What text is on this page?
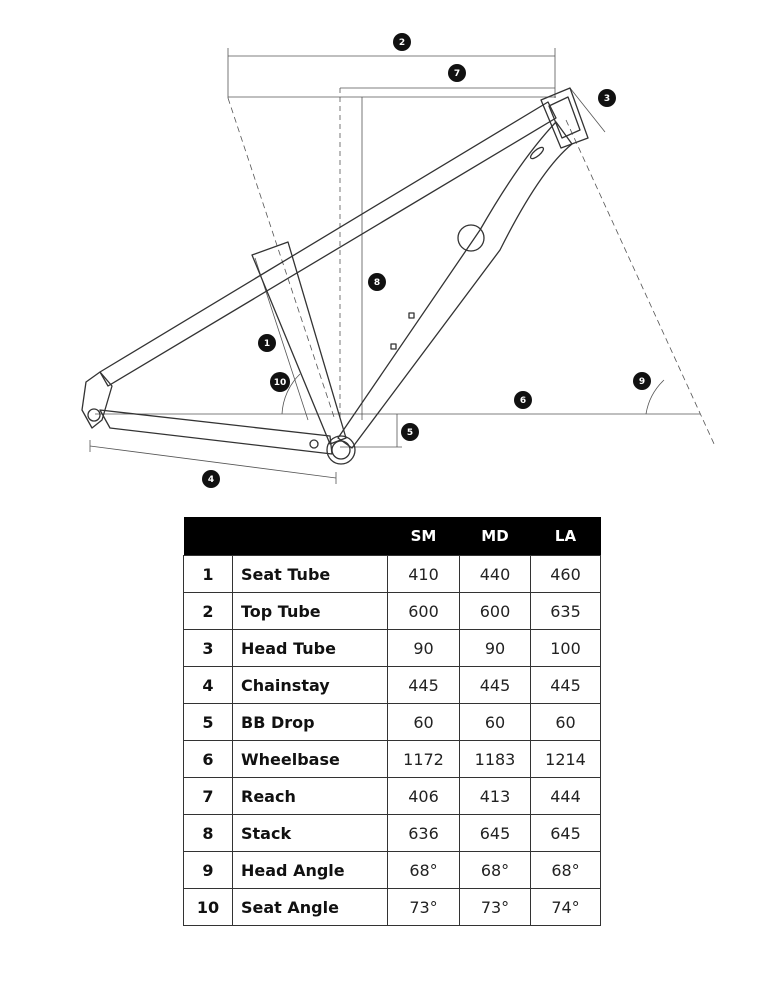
2
7
3
8
1
10	9
6
5
4
		SM	MD	LA
1	Seat Tube	410	440	460
2	Top Tube	600	600	635
3	Head Tube	90	90	100
4	Chainstay	445	445	445
5	BB Drop	60	60	60
6	Wheelbase	1172	1183	1214
7	Reach	406	413	444
8	Stack	636	645	645
9	Head Angle	68°	68°	68°
10	Seat Angle	73°	73°	74°
